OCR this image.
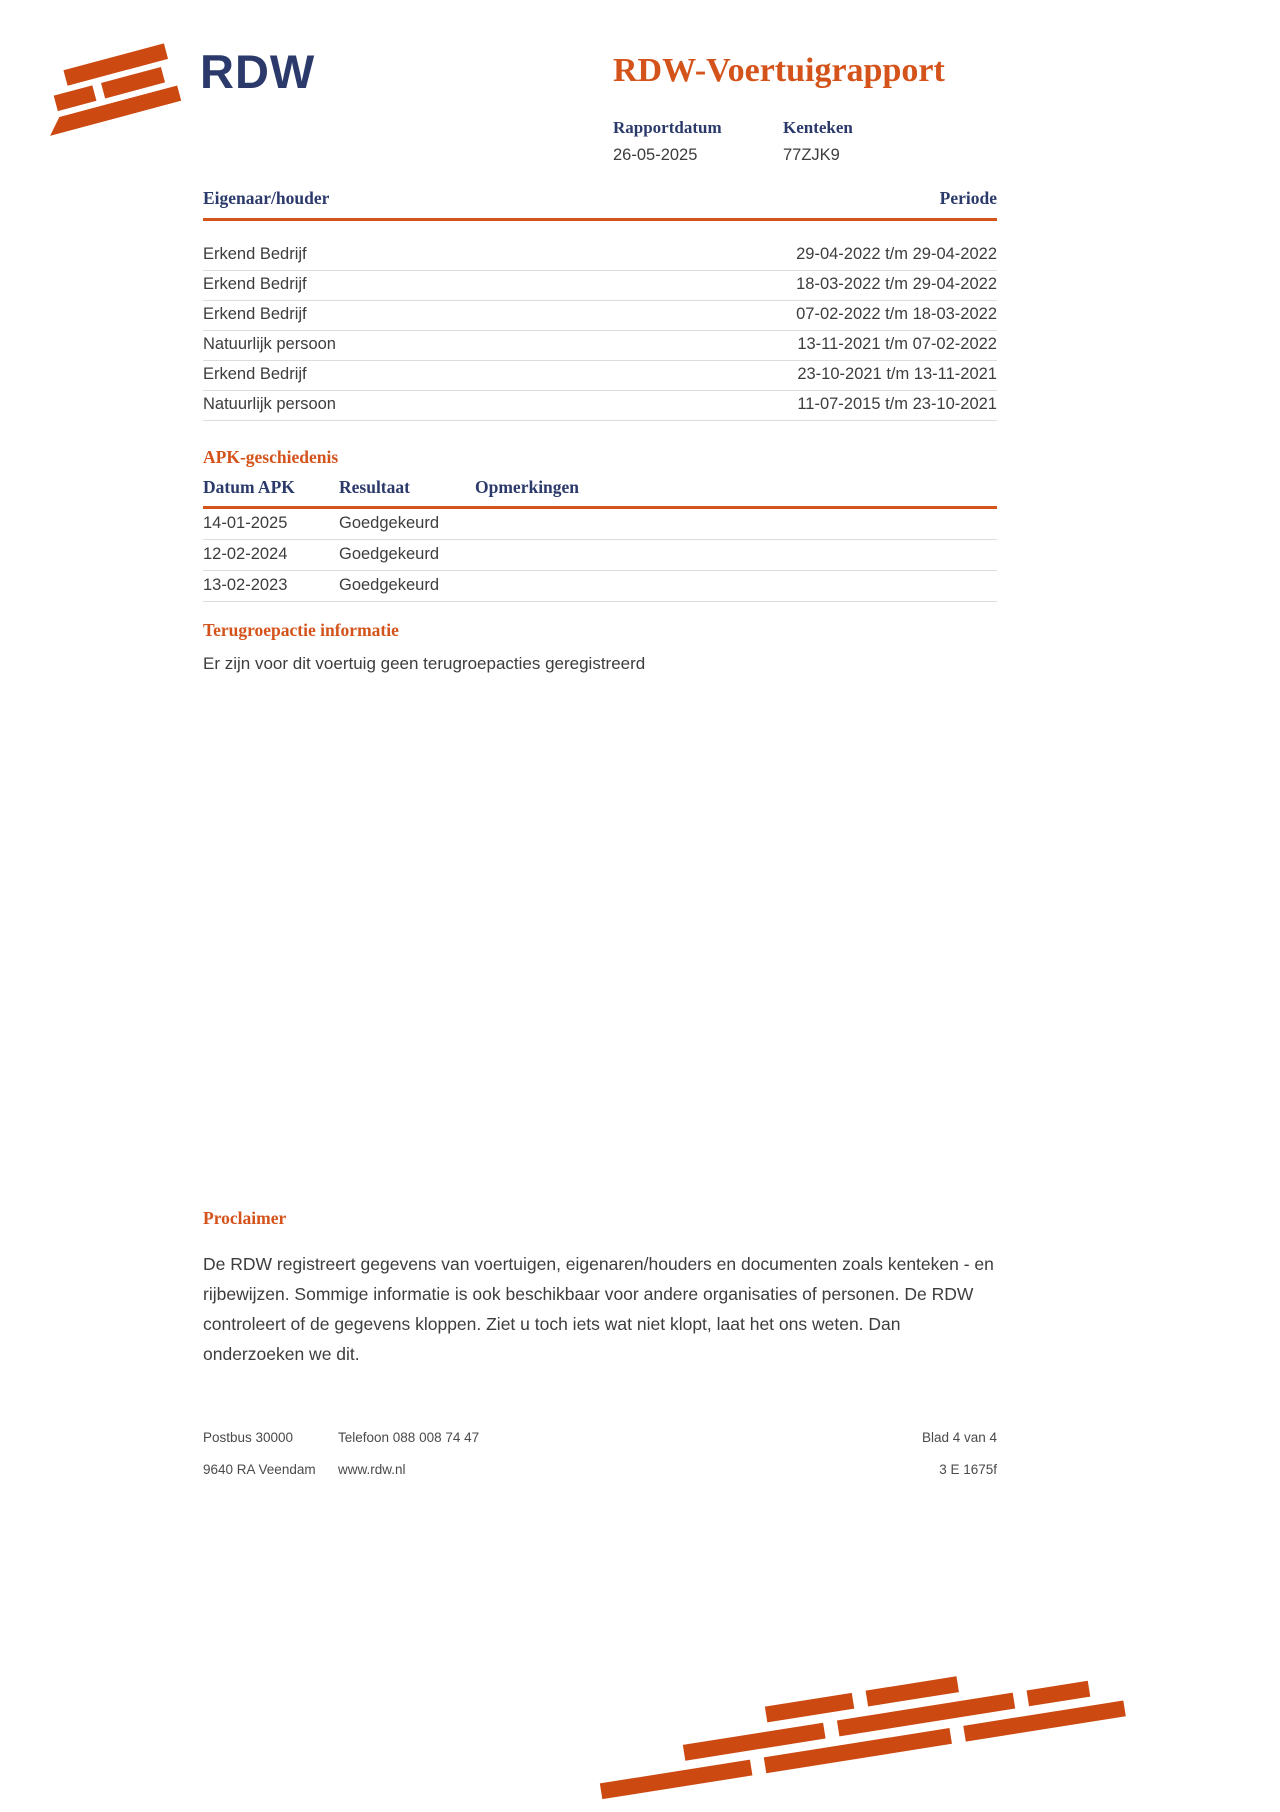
RDW	RDW-Voertuigrapport
Rapportdatum
26-05-2025
Kenteken
77ZJK9
Eigenaar/houder	Periode
Erkend Bedrijf	29-04-2022 t/m 29-04-2022
Erkend Bedrijf	18-03-2022 t/m 29-04-2022
Erkend Bedrijf	07-02-2022 t/m 18-03-2022
Natuurlijk persoon	13-11-2021 t/m 07-02-2022
Erkend Bedrijf	23-10-2021 t/m 13-11-2021
Natuurlijk persoon	11-07-2015 t/m 23-10-2021
APK-geschiedenis
Datum APK	Resultaat	Opmerkingen
14-01-2025	Goedgekeurd
12-02-2024	Goedgekeurd
13-02-2023	Goedgekeurd
Terugroepactie informatie
Er zijn voor dit voertuig geen terugroepacties geregistreerd
Proclaimer

De RDW registreert gegevens van voertuigen, eigenaren/houders en documenten zoals kenteken - en rijbewijzen. Sommige informatie is ook beschikbaar voor andere organisaties of personen. De RDW controleert of de gegevens kloppen. Ziet u toch iets wat niet klopt, laat het ons weten. Dan onderzoeken we dit.

Postbus 30000	Telefoon 088 008 74 47	Blad 4 van 4
9640 RA Veendam	www.rdw.nl	3 E 1675f
